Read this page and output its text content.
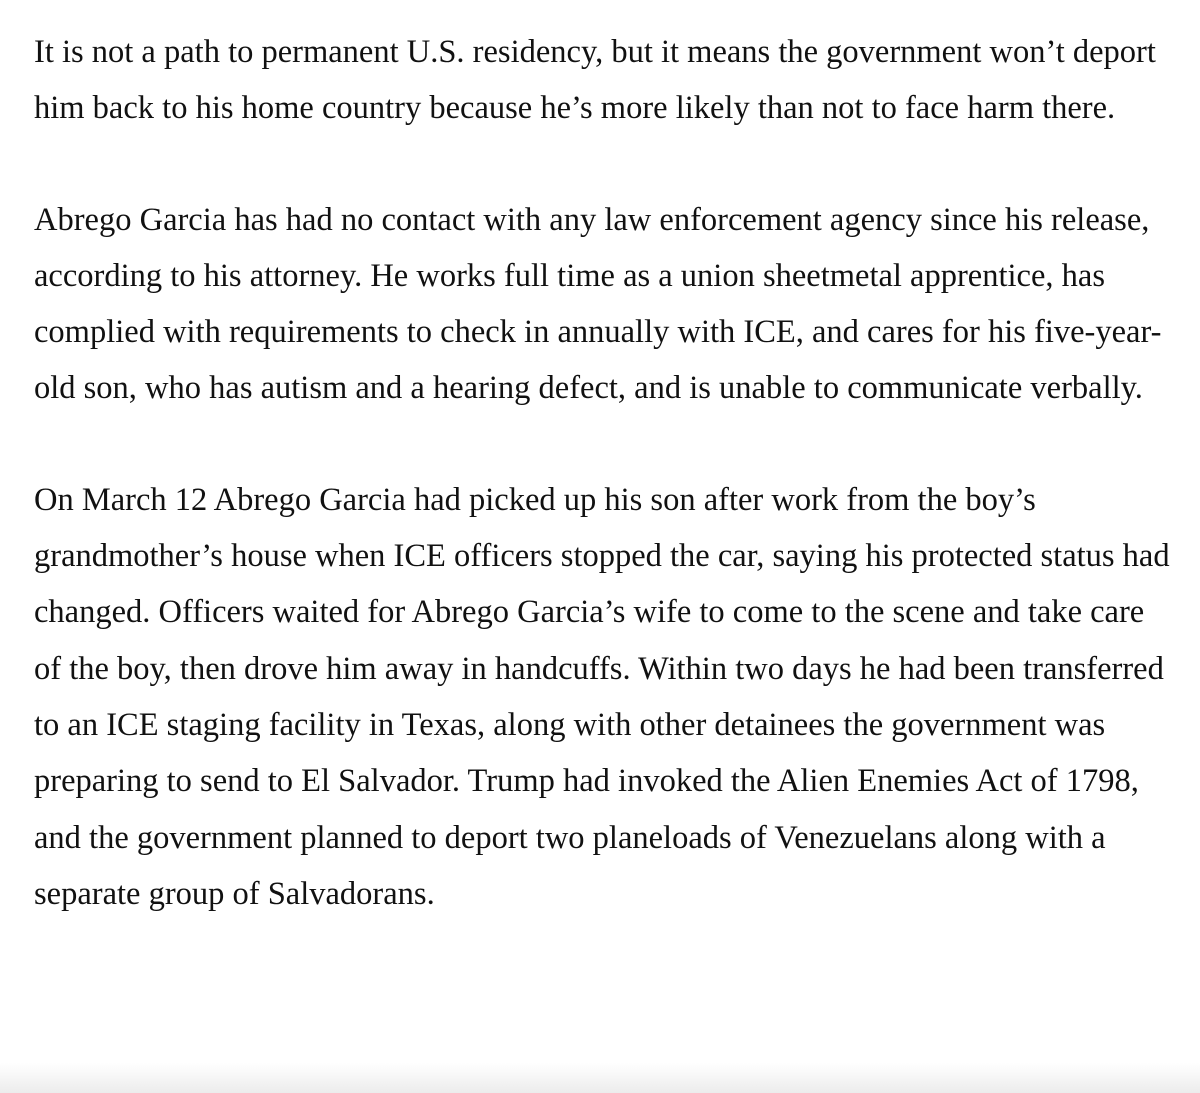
It is not a path to permanent U.S. residency, but it means the government won’t deport him back to his home country because he’s more likely than not to face harm there.

Abrego Garcia has had no contact with any law enforcement agency since his release, according to his attorney. He works full time as a union sheetmetal apprentice, has complied with requirements to check in annually with ICE, and cares for his five-year-old son, who has autism and a hearing defect, and is unable to communicate verbally.

On March 12 Abrego Garcia had picked up his son after work from the boy’s grandmother’s house when ICE officers stopped the car, saying his protected status had changed. Officers waited for Abrego Garcia’s wife to come to the scene and take care of the boy, then drove him away in handcuffs. Within two days he had been transferred to an ICE staging facility in Texas, along with other detainees the government was preparing to send to El Salvador. Trump had invoked the Alien Enemies Act of 1798, and the government planned to deport two planeloads of Venezuelans along with a separate group of Salvadorans.
